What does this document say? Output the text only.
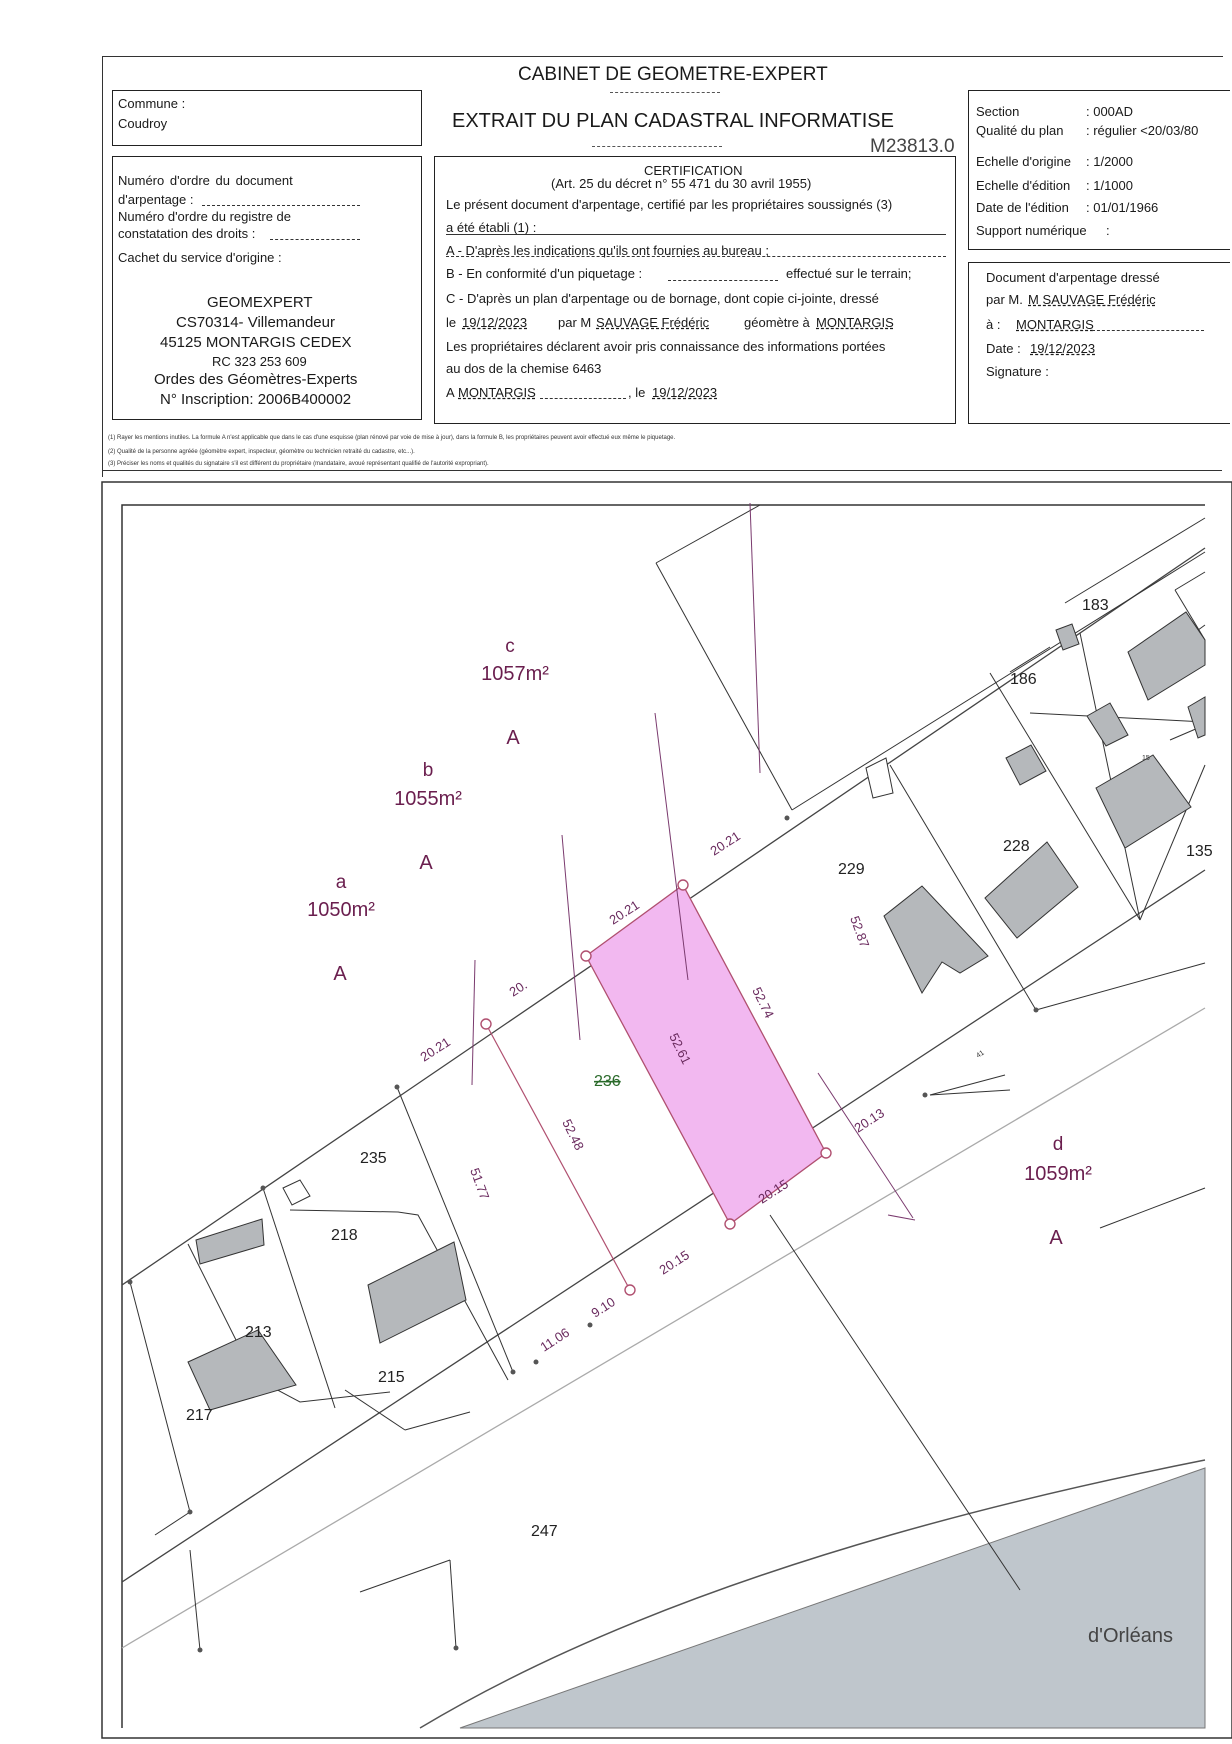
CABINET DE GEOMETRE-EXPERT
EXTRAIT DU PLAN CADASTRAL INFORMATISE
M23813.0
Commune :
Coudroy
Section	: 000AD
Qualité du plan : régulier <20/03/80
Echelle d'origine : 1/2000
Echelle d'édition : 1/1000
Date de l'édition : 01/01/1966
Support numérique :
Numéro d'ordre du document
d'arpentage :
Numéro d'ordre du registre de
constatation des droits :
Cachet du service d'origine :
GEOMEXPERT
CS70314- Villemandeur
45125 MONTARGIS CEDEX
RC 323 253 609
Ordes des Géomètres-Experts
N° Inscription: 2006B400002
CERTIFICATION
(Art. 25 du décret n° 55 471 du 30 avril 1955)
Le présent document d'arpentage, certifié par les propriétaires soussignés (3)
a été établi (1) :
A - D'après les indications qu'ils ont fournies au bureau ;
B - En conformité d'un piquetage :	effectué sur le terrain;
C - D'après un plan d'arpentage ou de bornage, dont copie ci-jointe, dressé
le 19/12/2023 par M SAUVAGE Frédéric	géomètre à MONTARGIS
Les propriétaires déclarent avoir pris connaissance des informations portées
au dos de la chemise 6463
A MONTARGIS	, le 19/12/2023
Document d'arpentage dressé
par M. M SAUVAGE Frédéric
à : MONTARGIS
Date : 19/12/2023
Signature :
(1) Rayer les mentions inutiles. La formule A n'est applicable que dans le cas d'une esquisse (plan rénové par voie de mise à jour), dans la formule B, les propriétaires peuvent avoir effectué eux même le piquetage.
(2) Qualité de la personne agréée (géomètre expert, inspecteur, géomètre ou technicien retraité du cadastre, etc...).
(3) Préciser les noms et qualités du signataire s'il est différent du propriétaire (mandataire, avoué représentant qualifié de l'autorité expropriant).
c
1057m²
A
b
1055m²
A
a
1050m²
A
d
1059m²
A
183
186
228	135
229
236
235
218
213
217
215
247
20.21
20.21
20.
20.21
52.74
52.61
52.48
51.77
52.87
20.13
20.15
20.15
9.10
11.06
15
41
d'Orléans
